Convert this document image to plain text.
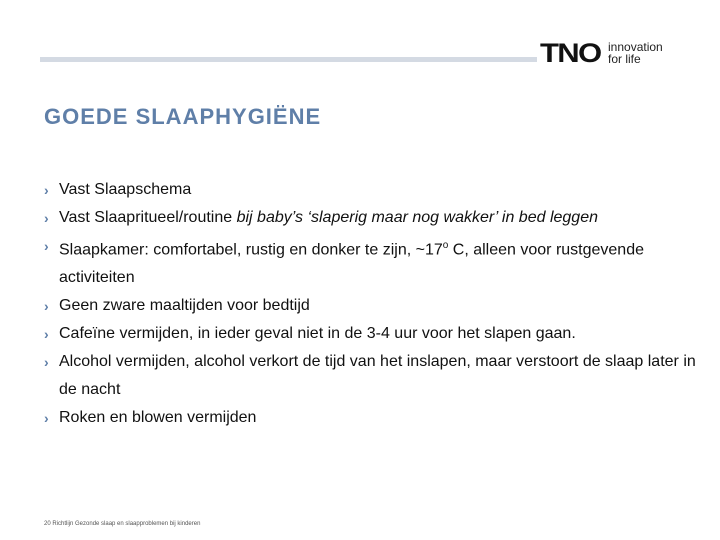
TNO innovation
for life
GOEDE SLAAPHYGIËNE
› Vast Slaapschema
› Vast Slaapritueel/routine bij baby’s ‘slaperig maar nog wakker’ in bed leggen
› Slaapkamer: comfortabel, rustig en donker te zijn, ~17$^o$ C, alleen voor rustgevende activiteiten
› Geen zware maaltijden voor bedtijd
› Cafeïne vermijden, in ieder geval niet in de 3-4 uur voor het slapen gaan.
› Alcohol vermijden, alcohol verkort de tijd van het inslapen, maar verstoort de slaap later in de nacht
› Roken en blowen vermijden
20 Richtlijn Gezonde slaap en slaapproblemen bij kinderen
